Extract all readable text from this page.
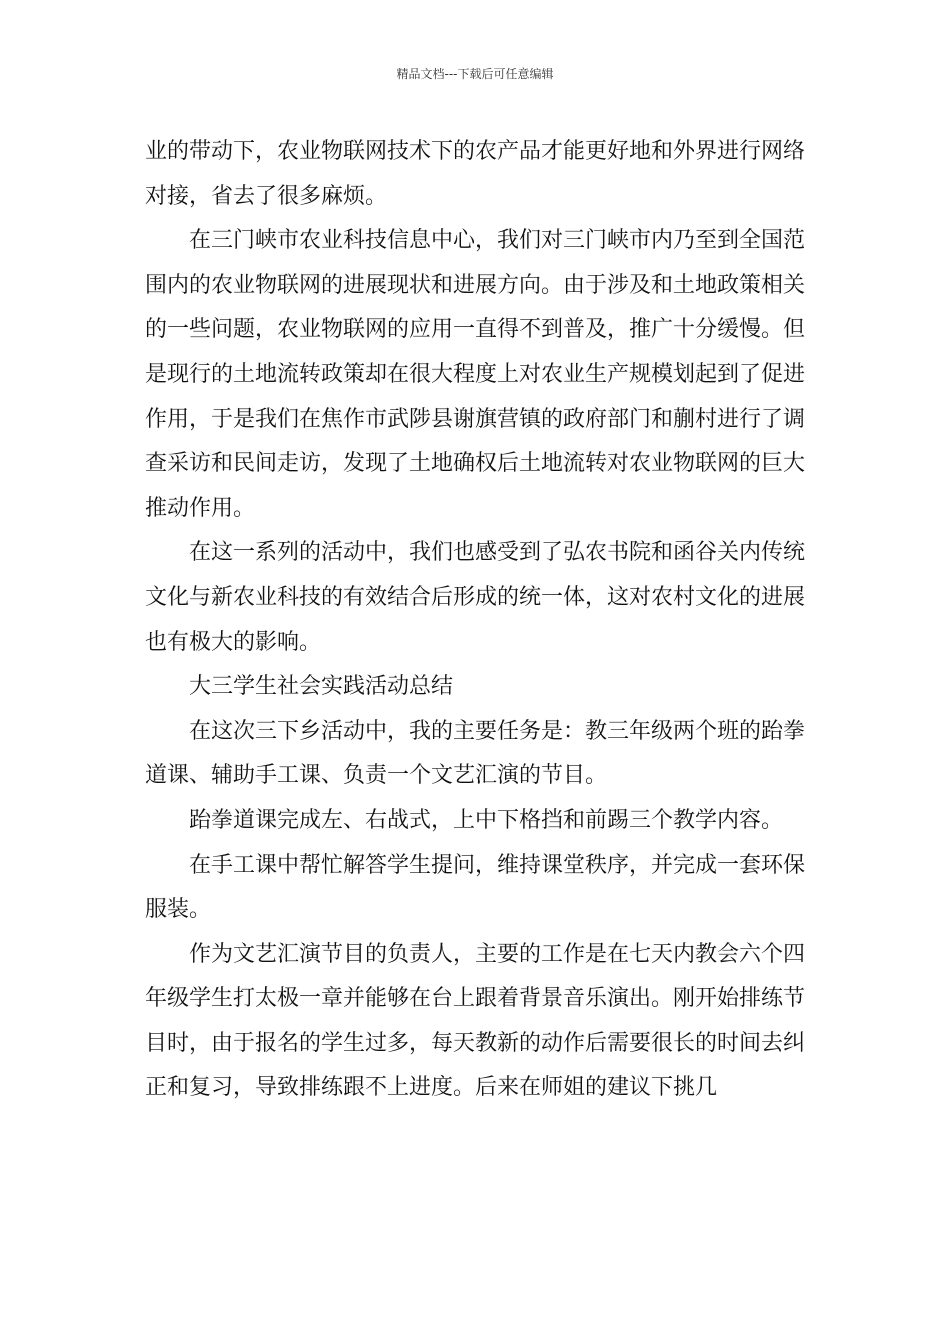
精品文档---下载后可任意编辑

业的带动下，农业物联网技术下的农产品才能更好地和外界进行网络对接，省去了很多麻烦。

在三门峡市农业科技信息中心，我们对三门峡市内乃至到全国范围内的农业物联网的进展现状和进展方向。由于涉及和土地政策相关的一些问题，农业物联网的应用一直得不到普及，推广十分缓慢。但是现行的土地流转政策却在很大程度上对农业生产规模划起到了促进作用，于是我们在焦作市武陟县谢旗营镇的政府部门和蒯村进行了调查采访和民间走访，发现了土地确权后土地流转对农业物联网的巨大推动作用。

在这一系列的活动中，我们也感受到了弘农书院和函谷关内传统文化与新农业科技的有效结合后形成的统一体，这对农村文化的进展也有极大的影响。

大三学生社会实践活动总结

在这次三下乡活动中，我的主要任务是：教三年级两个班的跆拳道课、辅助手工课、负责一个文艺汇演的节目。

跆拳道课完成左、右战式，上中下格挡和前踢三个教学内容。

在手工课中帮忙解答学生提问，维持课堂秩序，并完成一套环保服装。

作为文艺汇演节目的负责人，主要的工作是在七天内教会六个四年级学生打太极一章并能够在台上跟着背景音乐演出。刚开始排练节目时，由于报名的学生过多，每天教新的动作后需要很长的时间去纠正和复习，导致排练跟不上进度。后来在师姐的建议下挑几
